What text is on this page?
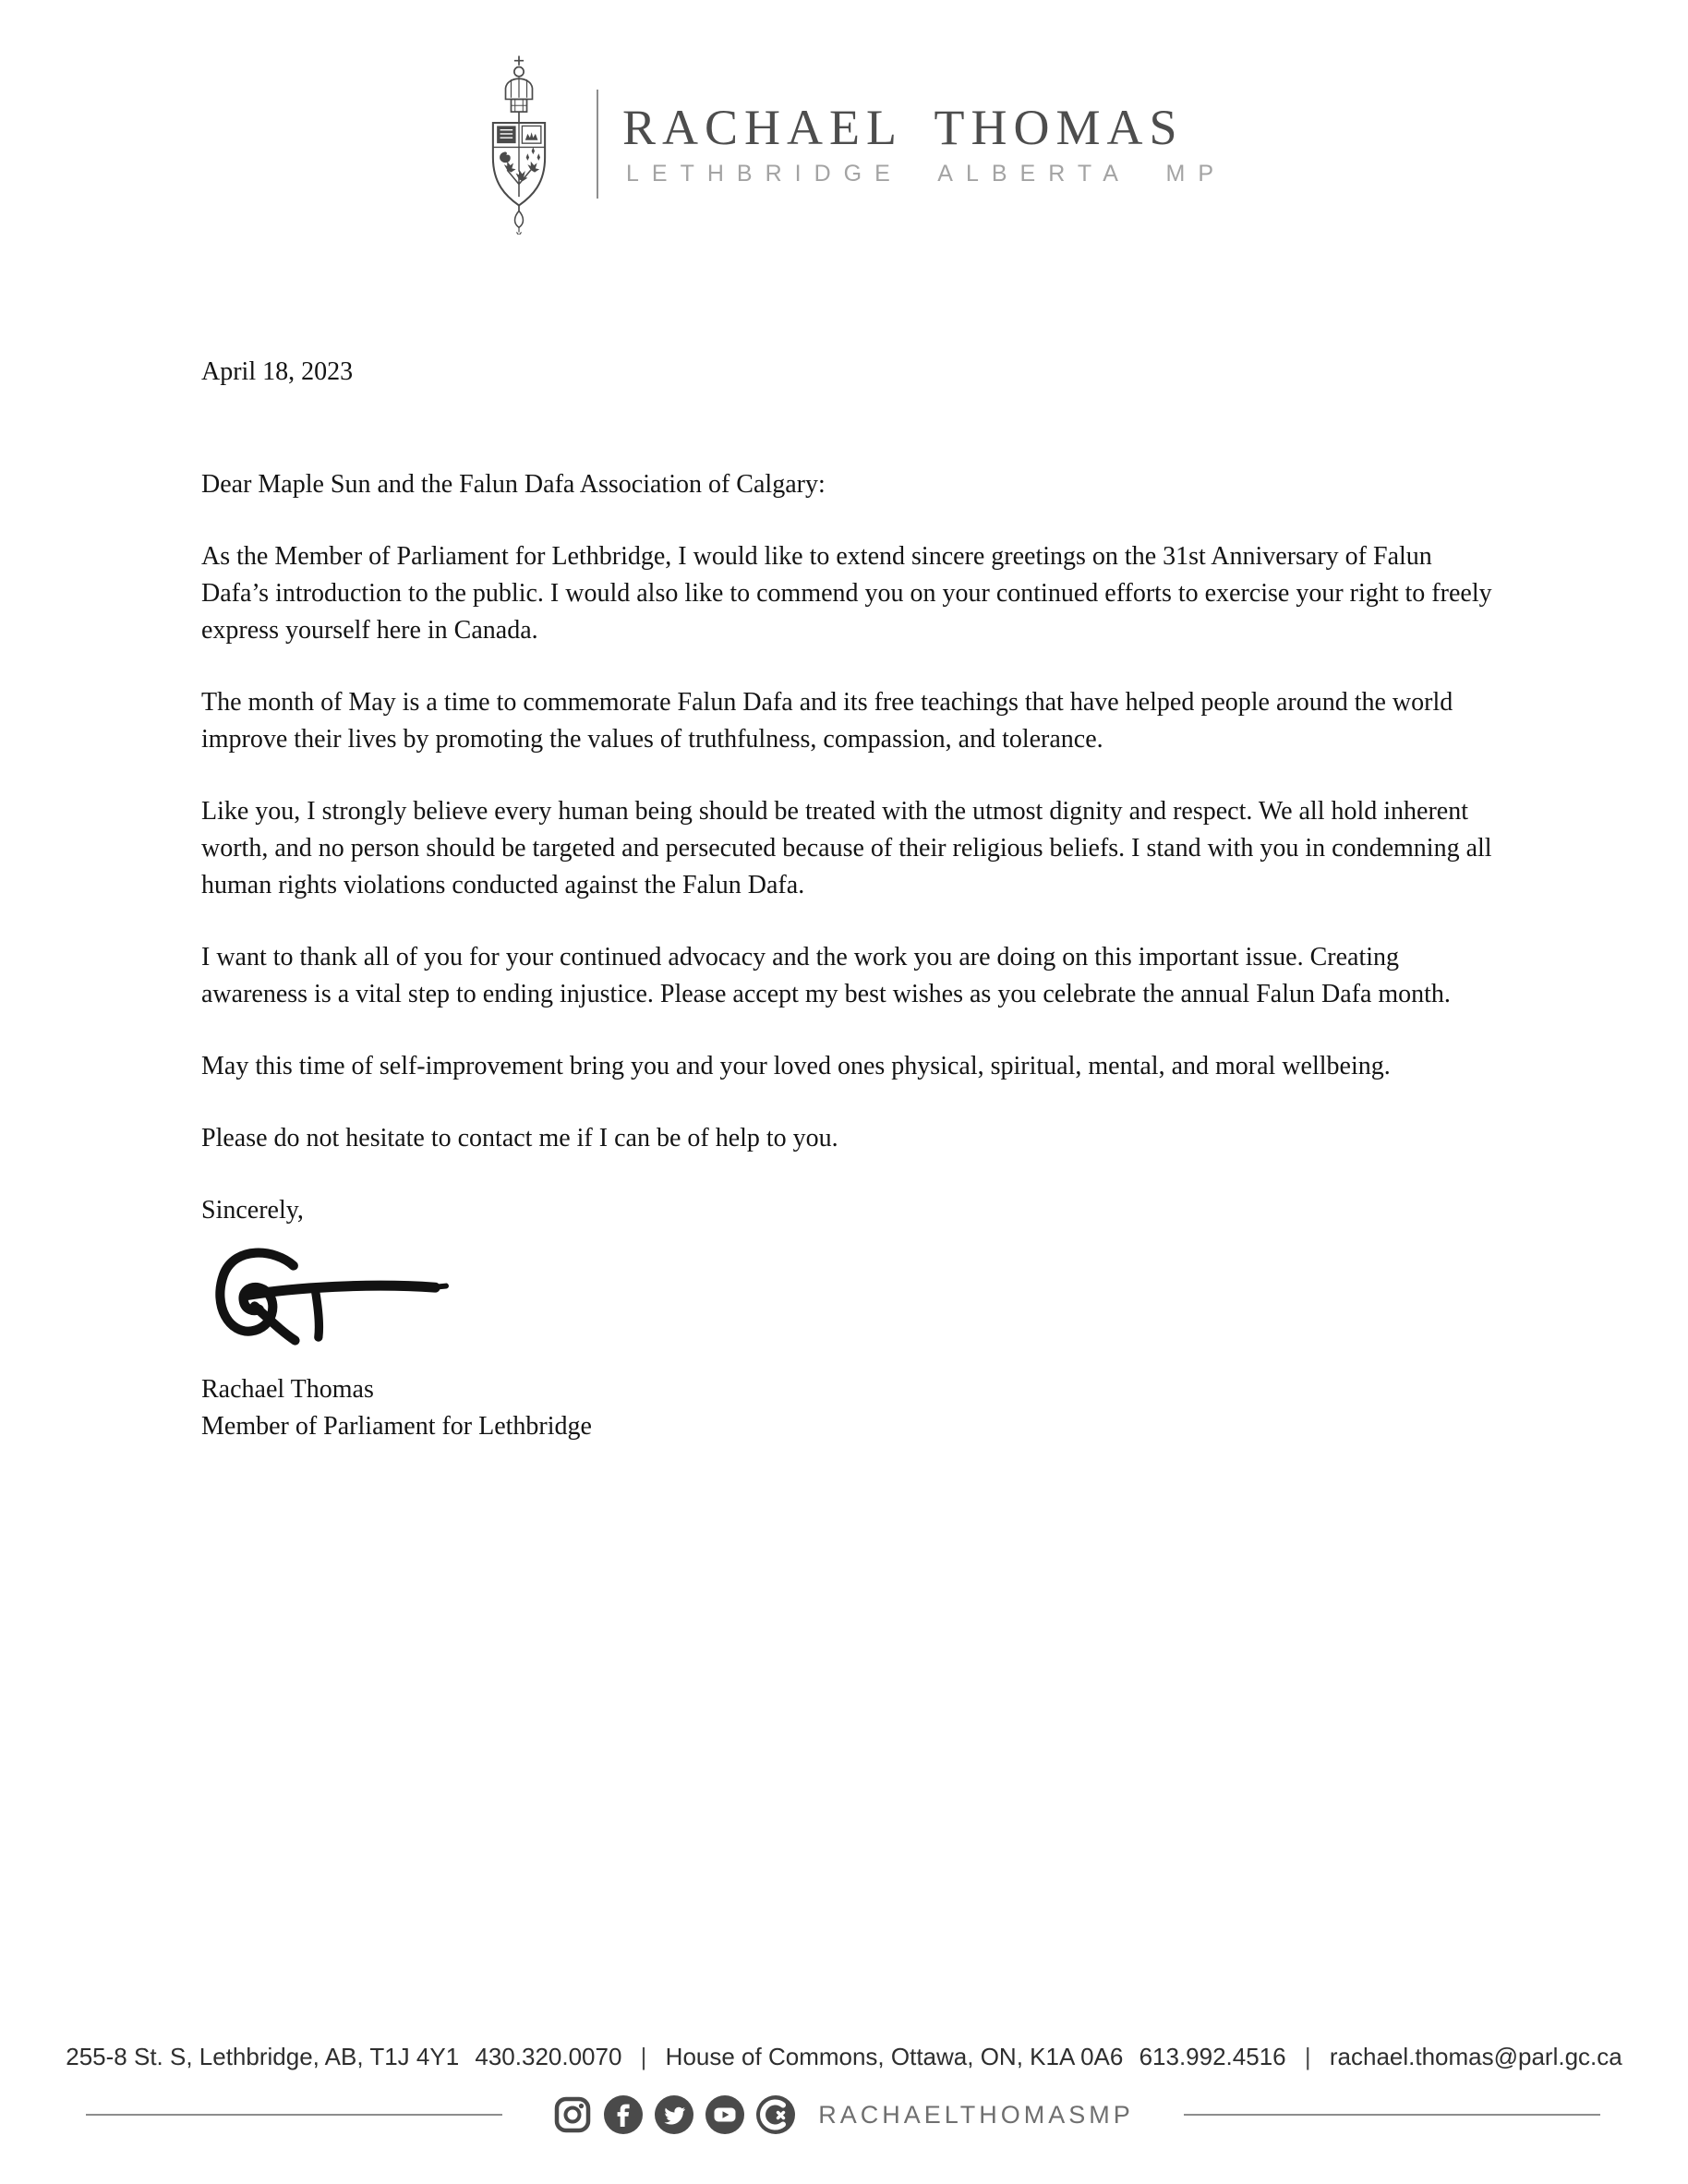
RACHAEL THOMAS
LETHBRIDGE ALBERTA MP

April 18, 2023

Dear Maple Sun and the Falun Dafa Association of Calgary:

As the Member of Parliament for Lethbridge, I would like to extend sincere greetings on the 31st Anniversary of Falun Dafa’s introduction to the public. I would also like to commend you on your continued efforts to exercise your right to freely express yourself here in Canada.

The month of May is a time to commemorate Falun Dafa and its free teachings that have helped people around the world improve their lives by promoting the values of truthfulness, compassion, and tolerance.

Like you, I strongly believe every human being should be treated with the utmost dignity and respect. We all hold inherent worth, and no person should be targeted and persecuted because of their religious beliefs. I stand with you in condemning all human rights violations conducted against the Falun Dafa.

I want to thank all of you for your continued advocacy and the work you are doing on this important issue. Creating awareness is a vital step to ending injustice. Please accept my best wishes as you celebrate the annual Falun Dafa month.

May this time of self-improvement bring you and your loved ones physical, spiritual, mental, and moral wellbeing.

Please do not hesitate to contact me if I can be of help to you.

Sincerely,

Rachael Thomas

Member of Parliament for Lethbridge

255-8 St. S, Lethbridge, AB, T1J 4Y1 430.320.0070 | House of Commons, Ottawa, ON, K1A 0A6 613.992.4516 | rachael.thomas@parl.gc.ca
RACHAELTHOMASMP
